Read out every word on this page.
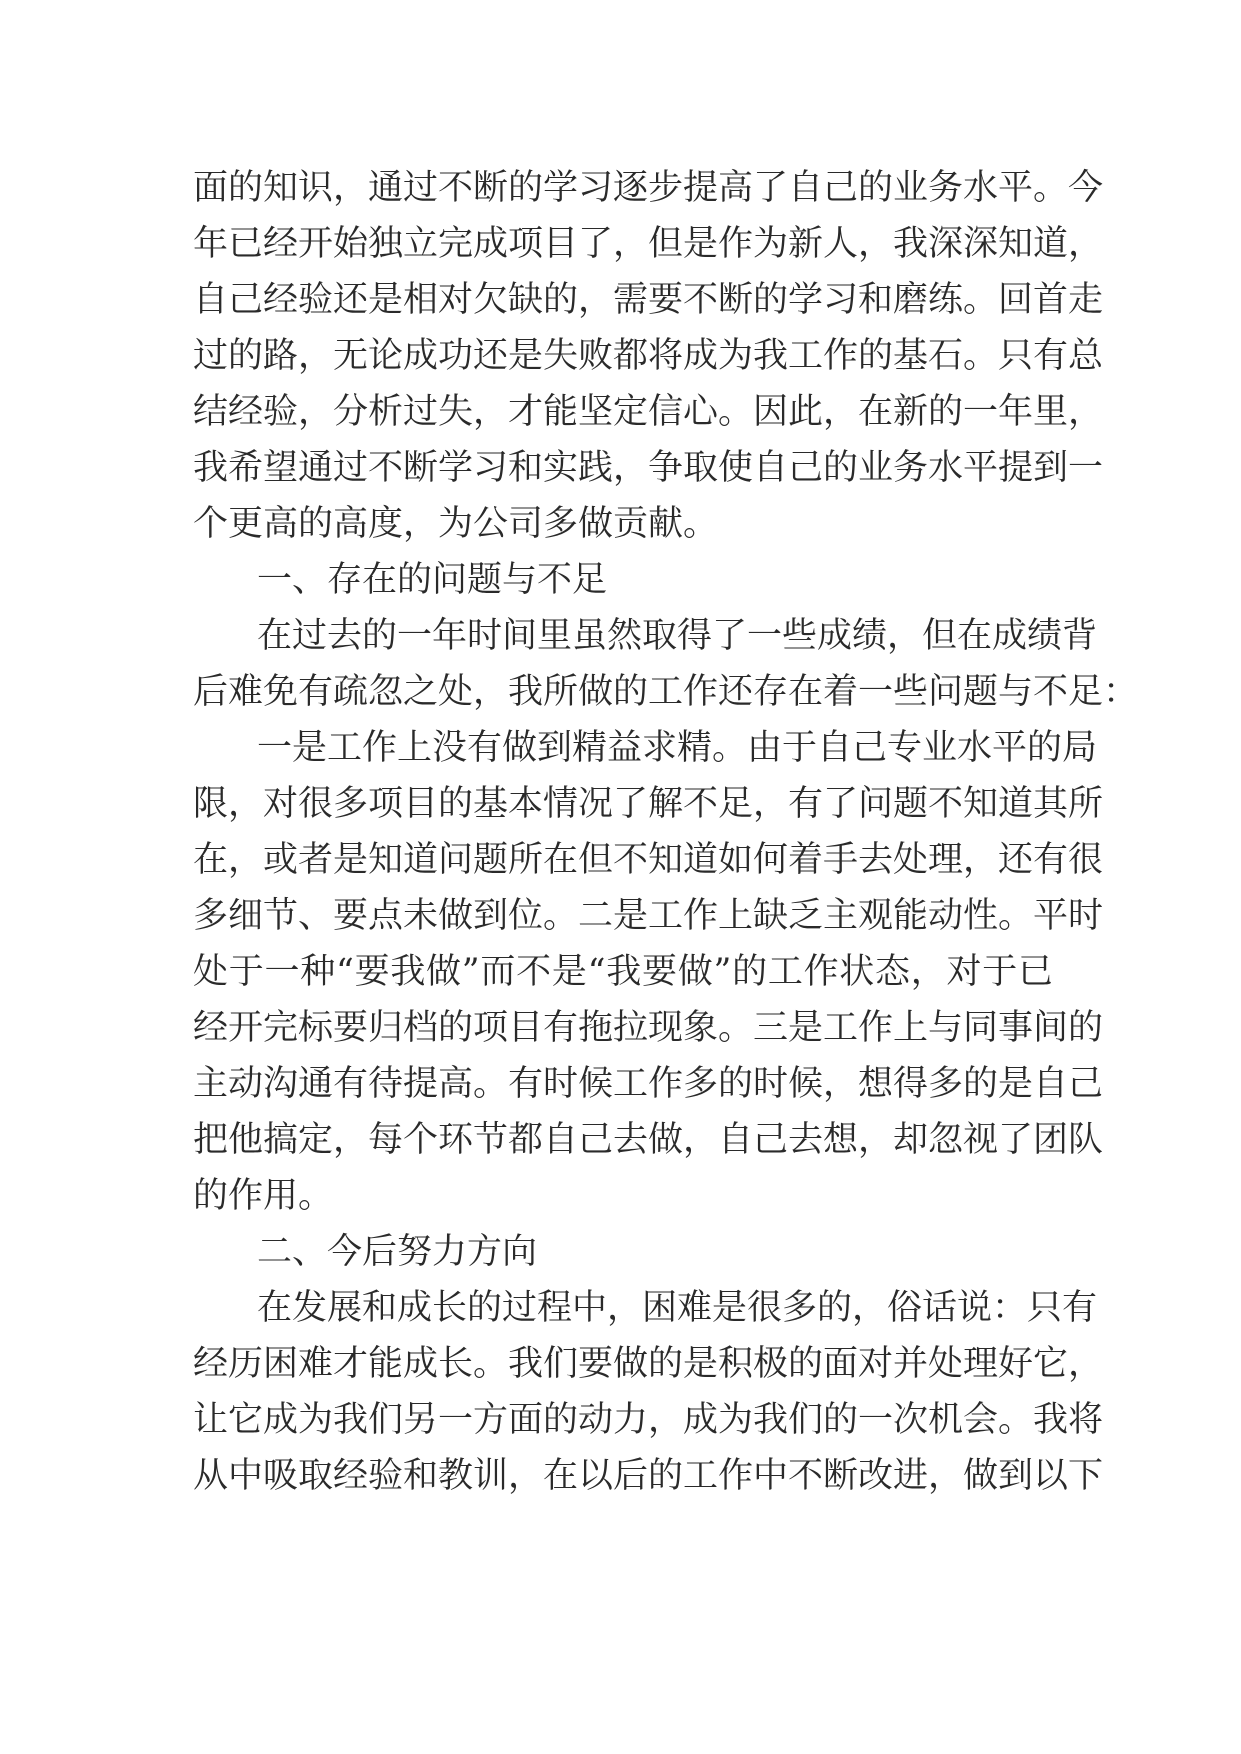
面的知识，通过不断的学习逐步提高了自己的业务水平。今
年已经开始独立完成项目了，但是作为新人，我深深知道，
自己经验还是相对欠缺的，需要不断的学习和磨练。回首走
过的路，无论成功还是失败都将成为我工作的基石。只有总
结经验，分析过失，才能坚定信心。因此，在新的一年里，
我希望通过不断学习和实践，争取使自己的业务水平提到一
个更高的高度，为公司多做贡献。
一、存在的问题与不足
在过去的一年时间里虽然取得了一些成绩，但在成绩背
后难免有疏忽之处，我所做的工作还存在着一些问题与不足：
一是工作上没有做到精益求精。由于自己专业水平的局
限，对很多项目的基本情况了解不足，有了问题不知道其所
在，或者是知道问题所在但不知道如何着手去处理，还有很
多细节、要点未做到位。二是工作上缺乏主观能动性。平时
处于一种“要我做”而不是“我要做”的工作状态，对于已
经开完标要归档的项目有拖拉现象。三是工作上与同事间的
主动沟通有待提高。有时候工作多的时候，想得多的是自己
把他搞定，每个环节都自己去做，自己去想，却忽视了团队
的作用。
二、今后努力方向
在发展和成长的过程中，困难是很多的，俗话说：只有
经历困难才能成长。我们要做的是积极的面对并处理好它，
让它成为我们另一方面的动力，成为我们的一次机会。我将
从中吸取经验和教训，在以后的工作中不断改进，做到以下
